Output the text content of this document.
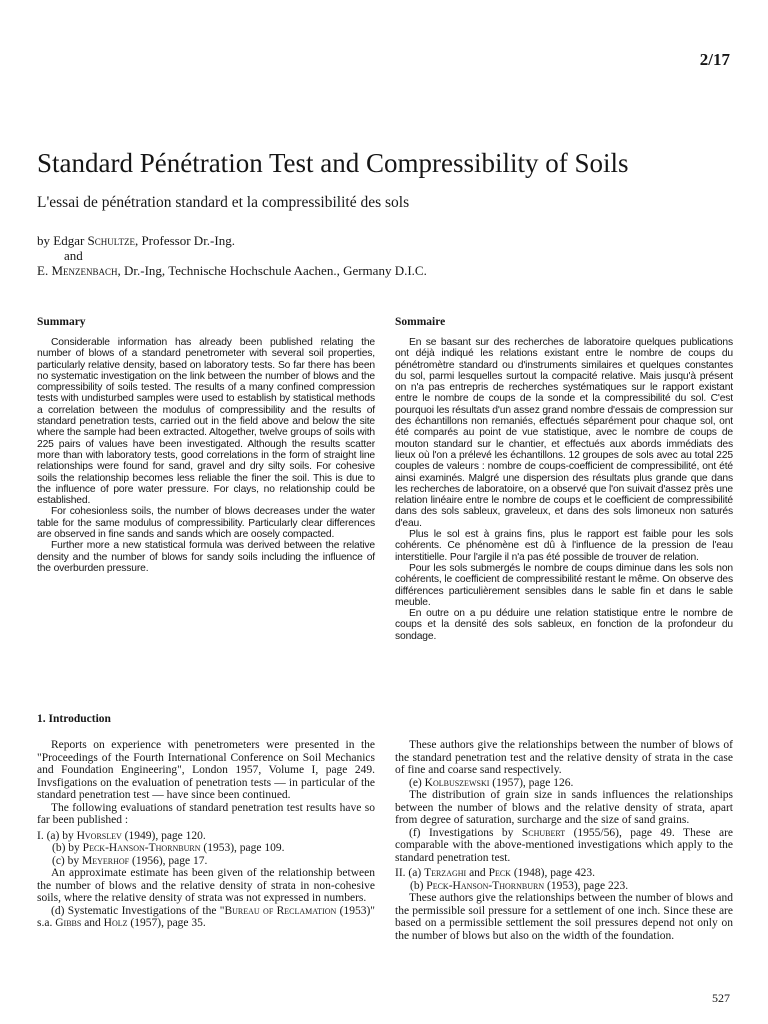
2/17
Standard Pénétration Test and Compressibility of Soils
L'essai de pénétration standard et la compressibilité des sols
by Edgar Schultze, Professor Dr.-Ing.
and
E. Menzenbach, Dr.-Ing, Technische Hochschule Aachen., Germany D.I.C.
Summary

Considerable information has already been published relating the number of blows of a standard penetrometer with several soil properties, particularly relative density, based on laboratory tests. So far there has been no systematic investigation on the link between the number of blows and the compressibility of soils tested. The results of a many confined compression tests with undisturbed samples were used to establish by statistical methods a correlation between the modulus of compressibility and the results of standard penetration tests, carried out in the field above and below the site where the sample had been extracted. Altogether, twelve groups of soils with 225 pairs of values have been investigated. Although the results scatter more than with laboratory tests, good correlations in the form of straight line relationships were found for sand, gravel and dry silty soils. For cohesive soils the relationship becomes less reliable the finer the soil. This is due to the influence of pore water pressure. For clays, no relationship could be established.

For cohesionless soils, the number of blows decreases under the water table for the same modulus of compressibility. Particularly clear differences are observed in fine sands and sands which are oosely compacted.

Further more a new statistical formula was derived between the relative density and the number of blows for sandy soils including the influence of the overburden pressure.

Sommaire

En se basant sur des recherches de laboratoire quelques publications ont déjà indiqué les relations existant entre le nombre de coups du pénétromètre standard ou d'instruments similaires et quelques constantes du sol, parmi lesquelles surtout la compacité relative. Mais jusqu'à présent on n'a pas entrepris de recherches systématiques sur le rapport existant entre le nombre de coups de la sonde et la compressibilité du sol. C'est pourquoi les résultats d'un assez grand nombre d'essais de compression sur des échantillons non remaniés, effectués séparément pour chaque sol, ont été comparés au point de vue statistique, avec le nombre de coups de mouton standard sur le chantier, et effectués aux abords immédiats des lieux où l'on a prélevé les échantillons. 12 groupes de sols avec au total 225 couples de valeurs : nombre de coups-coefficient de compressibilité, ont été ainsi examinés. Malgré une dispersion des résultats plus grande que dans les recherches de laboratoire, on a observé que l'on suivait d'assez près une relation linéaire entre le nombre de coups et le coefficient de compressibilité dans des sols sableux, graveleux, et dans des sols limoneux non saturés d'eau.

Plus le sol est à grains fins, plus le rapport est faible pour les sols cohérents. Ce phénomène est dû à l'influence de la pression de l'eau interstitielle. Pour l'argile il n'a pas été possible de trouver de relation.

Pour les sols submergés le nombre de coups diminue dans les sols non cohérents, le coefficient de compressibilité restant le même. On observe des différences particulièrement sensibles dans le sable fin et dans le sable meuble.

En outre on a pu déduire une relation statistique entre le nombre de coups et la densité des sols sableux, en fonction de la profondeur du sondage.

1. Introduction

Reports on experience with penetrometers were presented in the "Proceedings of the Fourth International Conference on Soil Mechanics and Foundation Engineering", London 1957, Volume I, page 249. Invsfigations on the evaluation of penetration tests — in particular of the standard penetration test — have since been continued.

The following evaluations of standard penetration test results have so far been published :

I. (a) by Hvorslev (1949), page 120.

(b) by Peck-Hanson-Thornburn (1953), page 109.

(c) by Meyerhof (1956), page 17.

An approximate estimate has been given of the relationship between the number of blows and the relative density of strata in non-cohesive soils, where the relative density of strata was not expressed in numbers.

(d) Systematic Investigations of the "Bureau of Reclamation (1953)" s.a. Gibbs and Holz (1957), page 35.

These authors give the relationships between the number of blows of the standard penetration test and the relative density of strata in the case of fine and coarse sand respectively.

(e) Kolbuszewski (1957), page 126.

The distribution of grain size in sands influences the relationships between the number of blows and the relative density of strata, apart from degree of saturation, surcharge and the size of sand grains.

(f) Investigations by Schubert (1955/56), page 49. These are comparable with the above-mentioned investigations which apply to the standard penetration test.

II. (a) Terzaghi and Peck (1948), page 423.

(b) Peck-Hanson-Thornburn (1953), page 223.

These authors give the relationships between the number of blows and the permissible soil pressure for a settlement of one inch. Since these are based on a permissible settlement the soil pressures depend not only on the number of blows but also on the width of the foundation.

527
